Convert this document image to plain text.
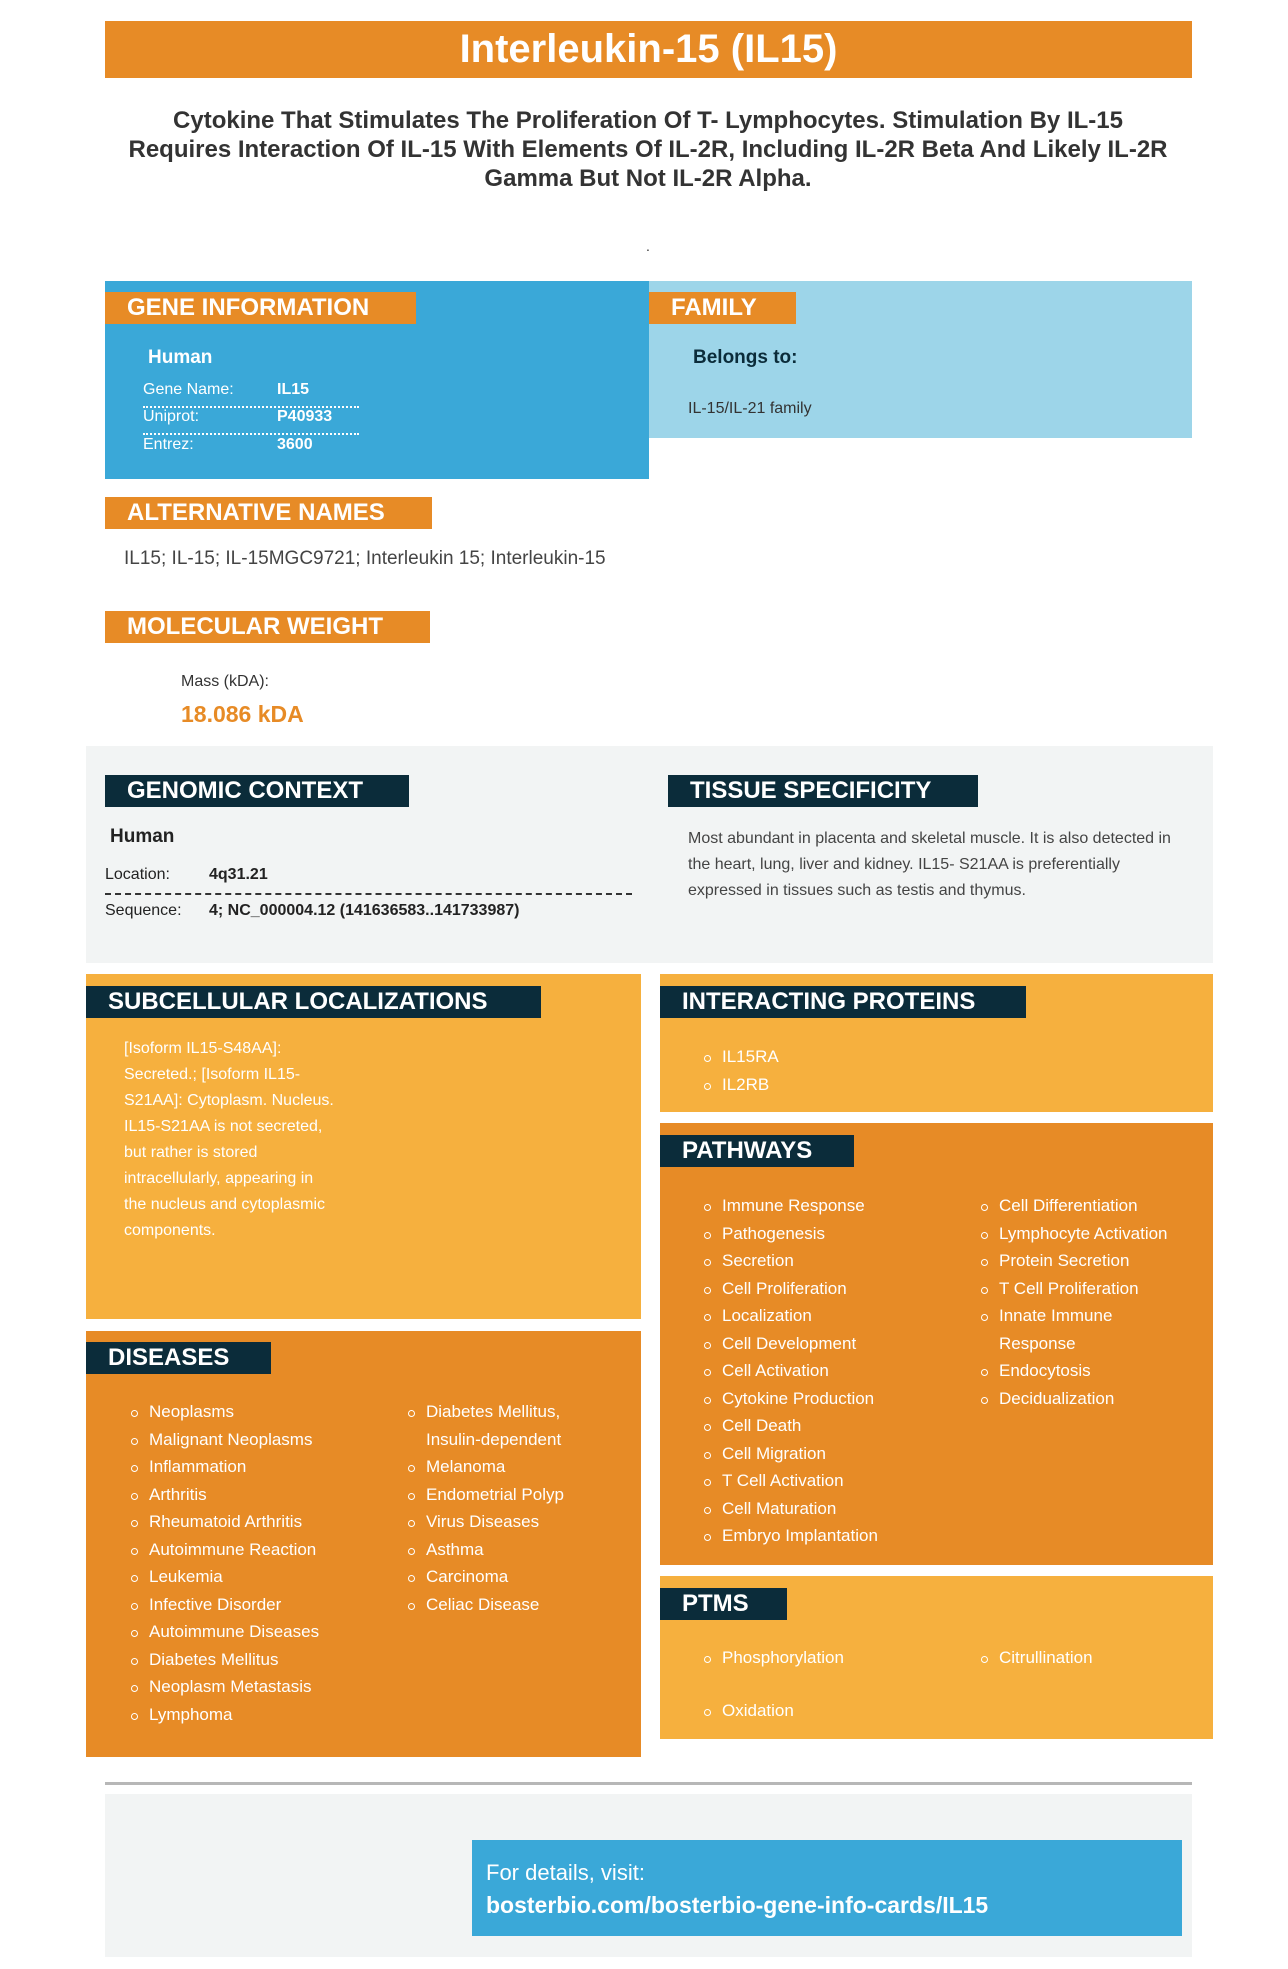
Interleukin-15 (IL15)
Cytokine That Stimulates The Proliferation Of T- Lymphocytes. Stimulation By IL-15 Requires Interaction Of IL-15 With Elements Of IL-2R, Including IL-2R Beta And Likely IL-2R Gamma But Not IL-2R Alpha.
.
GENE INFORMATION
Human
Gene Name:	IL15
Uniprot:	P40933
Entrez:	3600
FAMILY
Belongs to:
IL-15/IL-21 family
ALTERNATIVE NAMES
IL15; IL-15; IL-15MGC9721; Interleukin 15; Interleukin-15
MOLECULAR WEIGHT
Mass (kDA):
18.086 kDA
GENOMIC CONTEXT
Human
Location: 4q31.21
Sequence: 4; NC_000004.12 (141636583..141733987)
TISSUE SPECIFICITY
Most abundant in placenta and skeletal muscle. It is also detected in the heart, lung, liver and kidney. IL15- S21AA is preferentially expressed in tissues such as testis and thymus.
SUBCELLULAR LOCALIZATIONS
[Isoform IL15-S48AA]: Secreted.; [Isoform IL15-S21AA]: Cytoplasm. Nucleus. IL15-S21AA is not secreted, but rather is stored intracellularly, appearing in the nucleus and cytoplasmic components.
DISEASES
Neoplasms
Malignant Neoplasms
Inflammation
Arthritis
Rheumatoid Arthritis
Autoimmune Reaction
Leukemia
Infective Disorder
Autoimmune Diseases
Diabetes Mellitus
Neoplasm Metastasis
Lymphoma
Diabetes Mellitus, Insulin-dependent
Melanoma
Endometrial Polyp
Virus Diseases
Asthma
Carcinoma
Celiac Disease
INTERACTING PROTEINS
IL15RA
IL2RB
PATHWAYS
Immune Response
Pathogenesis
Secretion
Cell Proliferation
Localization
Cell Development
Cell Activation
Cytokine Production
Cell Death
Cell Migration
T Cell Activation
Cell Maturation
Embryo Implantation
Cell Differentiation
Lymphocyte Activation
Protein Secretion
T Cell Proliferation
Innate Immune Response
Endocytosis
Decidualization
PTMS
Phosphorylation
Oxidation
Citrullination
For details, visit:
bosterbio.com/bosterbio-gene-info-cards/IL15
